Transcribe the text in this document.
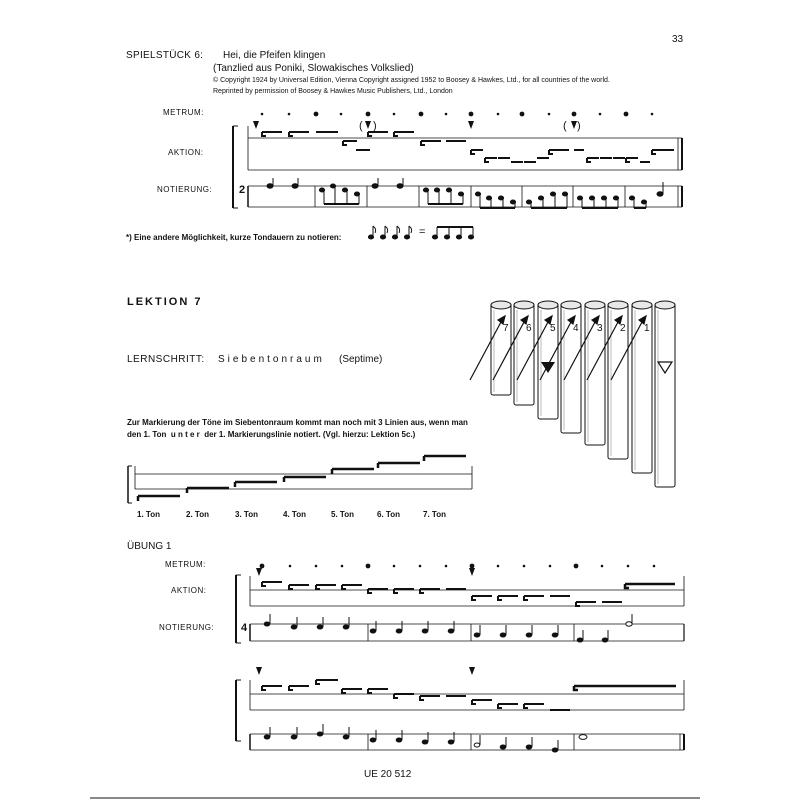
33
SPIELSTÜCK 6: Hei, die Pfeifen klingen
(Tanzlied aus Poniki, Slowakisches Volkslied)
© Copyright 1924 by Universal Edition, Vienna Copyright assigned 1952 to Boosey & Hawkes, Ltd., for all countries of the world.
Reprinted by permission of Boosey & Hawkes Music Publishers, Ltd., London
METRUM:
AKTION:
NOTIERUNG: 2
*) Eine andere Möglichkeit, kurze Tondauern zu notieren:	=
LEKTION 7
LERNSCHRITT: Siebentonraum (Septime)
Zur Markierung der Töne im Siebentonraum kommt man noch mit 3 Linien aus, wenn man
den 1. Ton  u n t e r  der 1. Markierungslinie notiert. (Vgl. hierzu: Lektion 5c.)
1. Ton	2. Ton	3. Ton	4. Ton	5. Ton	6. Ton	7. Ton
ÜBUNG 1
METRUM:
AKTION:
NOTIERUNG: 4
UE 20 512
( )	( )
7 6 5 4 3 2 1
